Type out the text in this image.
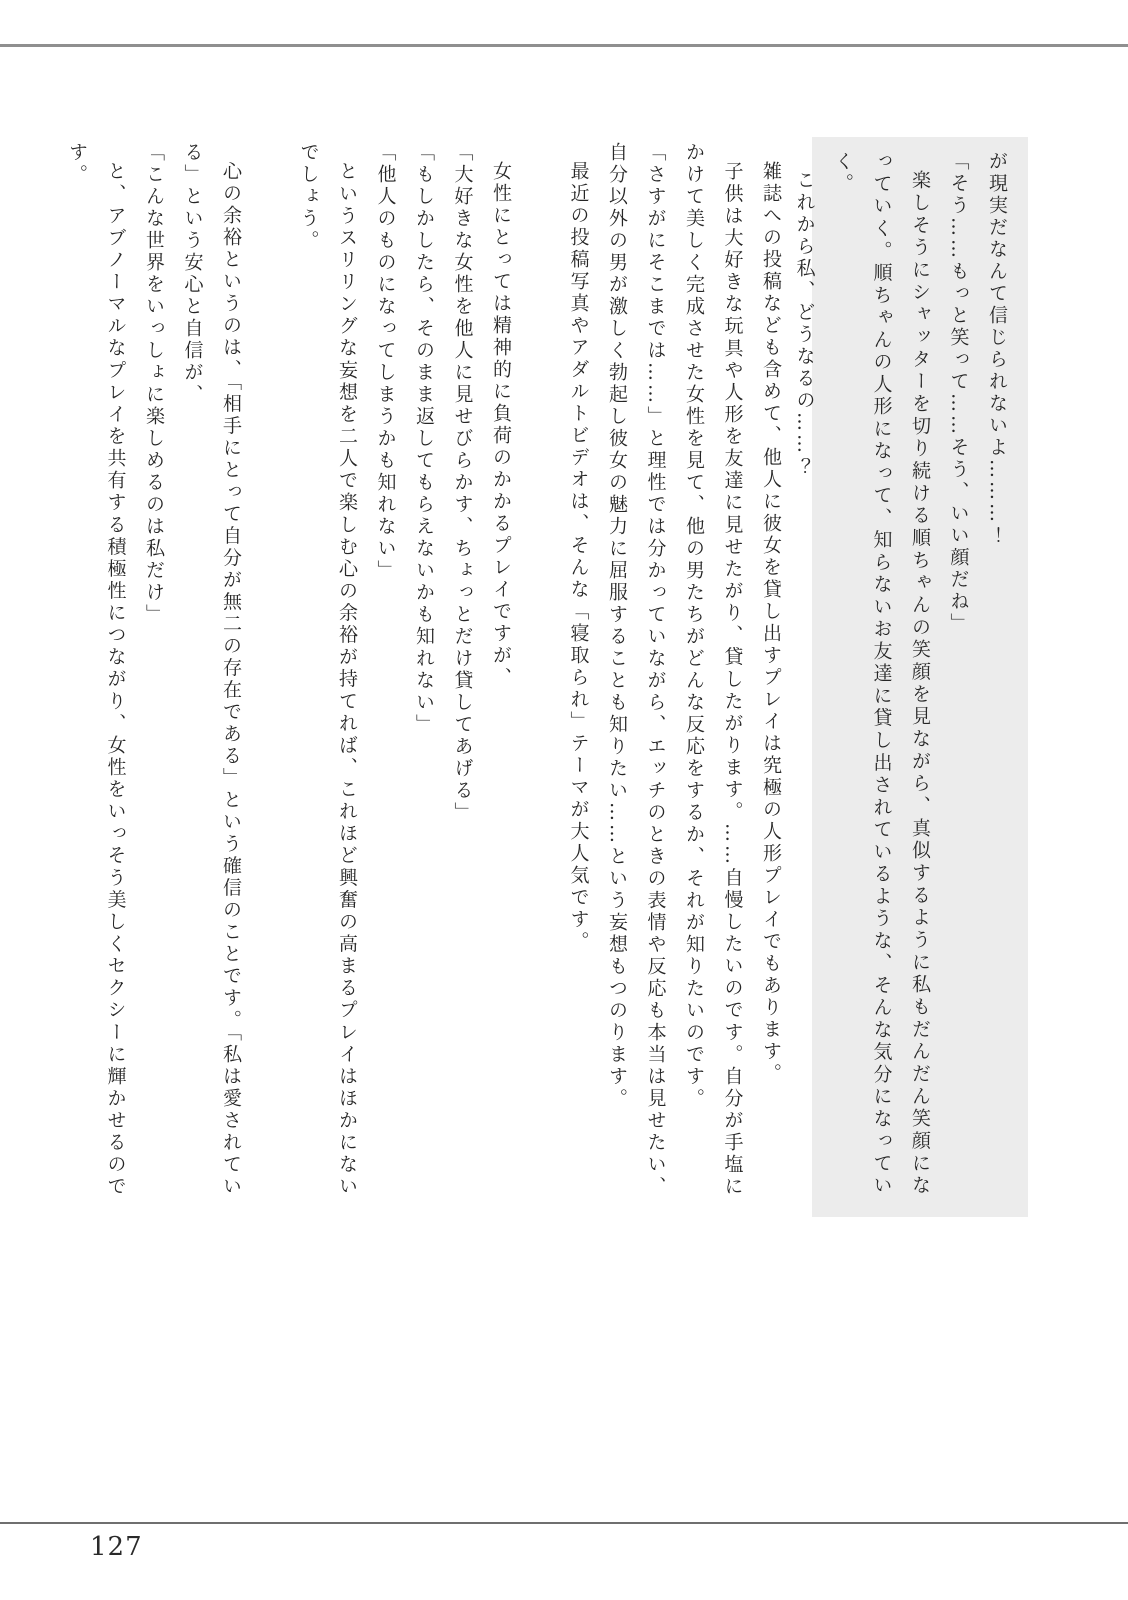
が現実だなんて信じられないよ………！

「そう……もっと笑って……そう、いい顔だね」

楽しそうにシャッターを切り続ける順ちゃんの笑顔を見ながら、真似するように私もだんだん笑顔になっていく。順ちゃんの人形になって、知らないお友達に貸し出されているような、そんな気分になっていく。

これから私、どうなるの……？

雑誌への投稿なども含めて、他人に彼女を貸し出すプレイは究極の人形プレイでもあります。

子供は大好きな玩具や人形を友達に見せたがり、貸したがります。……自慢したいのです。自分が手塩にかけて美しく完成させた女性を見て、他の男たちがどんな反応をするか、それが知りたいのです。

「さすがにそこまでは……」と理性では分かっていながら、エッチのときの表情や反応も本当は見せたい、自分以外の男が激しく勃起し彼女の魅力に屈服することも知りたい……という妄想もつのります。

最近の投稿写真やアダルトビデオは、そんな「寝取られ」テーマが大人気です。

女性にとっては精神的に負荷のかかるプレイですが、

「大好きな女性を他人に見せびらかす、ちょっとだけ貸してあげる」

「もしかしたら、そのまま返してもらえないかも知れない」

「他人のものになってしまうかも知れない」

というスリリングな妄想を二人で楽しむ心の余裕が持てれば、これほど興奮の高まるプレイはほかにないでしょう。

心の余裕というのは、「相手にとって自分が無二の存在である」という確信のことです。「私は愛されている」という安心と自信が、

「こんな世界をいっしょに楽しめるのは私だけ」

と、アブノーマルなプレイを共有する積極性につながり、女性をいっそう美しくセクシーに輝かせるのです。

127
